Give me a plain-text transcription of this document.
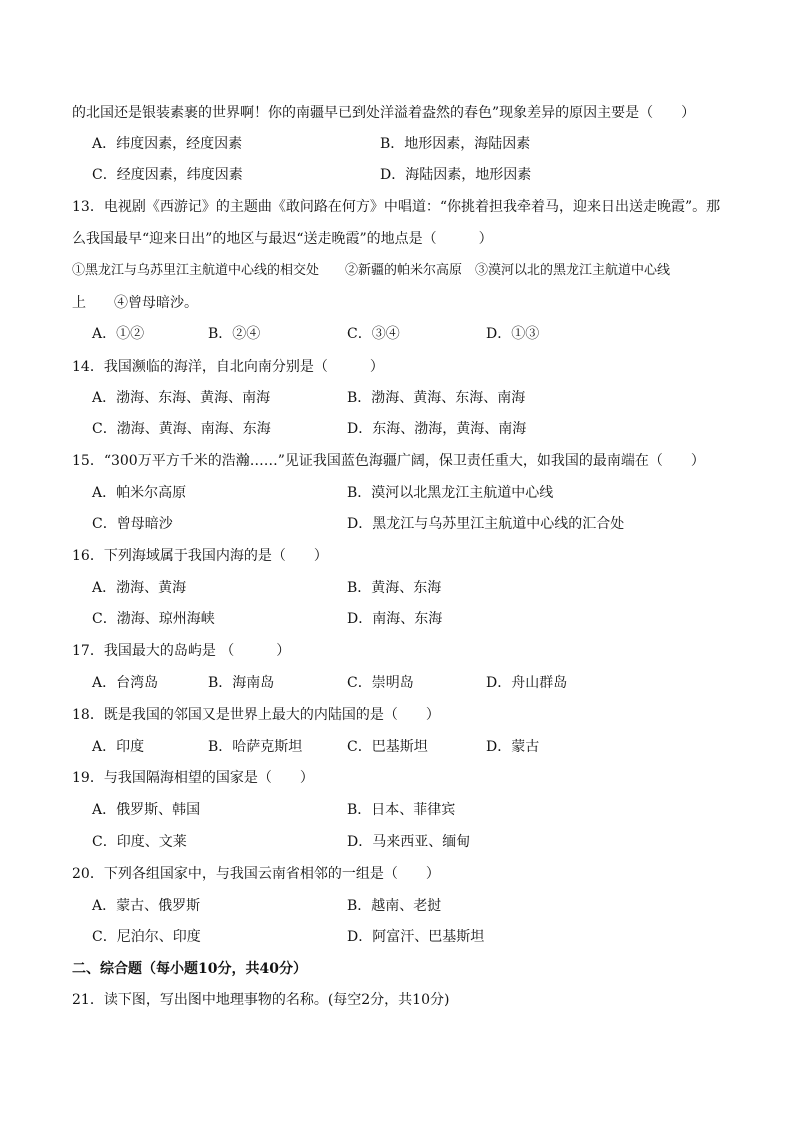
的北国还是银装素裹的世界啊！你的南疆早已到处洋溢着盎然的春色”现象差异的原因主要是（　　）
A．纬度因素，经度因素	B．地形因素，海陆因素
C．经度因素，纬度因素	D．海陆因素，地形因素
13．电视剧《西游记》的主题曲《敢问路在何方》中唱道：“你挑着担我牵着马，迎来日出送走晚霞”。那
么我国最早“迎来日出”的地区与最迟“送走晚霞”的地点是（　　　）
①黑龙江与乌苏里江主航道中心线的相交处　　②新疆的帕米尔高原　③漠河以北的黑龙江主航道中心线
上　　④曾母暗沙。
A．①②	B．②④	C．③④	D．①③
14．我国濒临的海洋，自北向南分别是（　　　）
A．渤海、东海、黄海、南海	B．渤海、黄海、东海、南海
C．渤海、黄海、南海、东海	D．东海、渤海，黄海、南海
15．“300万平方千米的浩瀚……”见证我国蓝色海疆广阔，保卫责任重大，如我国的最南端在（　　）
A．帕米尔高原	B．漠河以北黑龙江主航道中心线
C．曾母暗沙	D．黑龙江与乌苏里江主航道中心线的汇合处
16．下列海域属于我国内海的是（　　）
A．渤海、黄海	B．黄海、东海
C．渤海、琼州海峡	D．南海、东海
17．我国最大的岛屿是 （　　　）
A．台湾岛	B．海南岛	C．崇明岛	D．舟山群岛
18．既是我国的邻国又是世界上最大的内陆国的是（　　）
A．印度	B．哈萨克斯坦	C．巴基斯坦	D．蒙古
19．与我国隔海相望的国家是（　　）
A．俄罗斯、韩国	B．日本、菲律宾
C．印度、文莱	D．马来西亚、缅甸
20．下列各组国家中，与我国云南省相邻的一组是（　　）
A．蒙古、俄罗斯	B．越南、老挝
C．尼泊尔、印度	D．阿富汗、巴基斯坦
二、综合题（每小题10分，共40分）
21．读下图，写出图中地理事物的名称。(每空2分，共10分)
